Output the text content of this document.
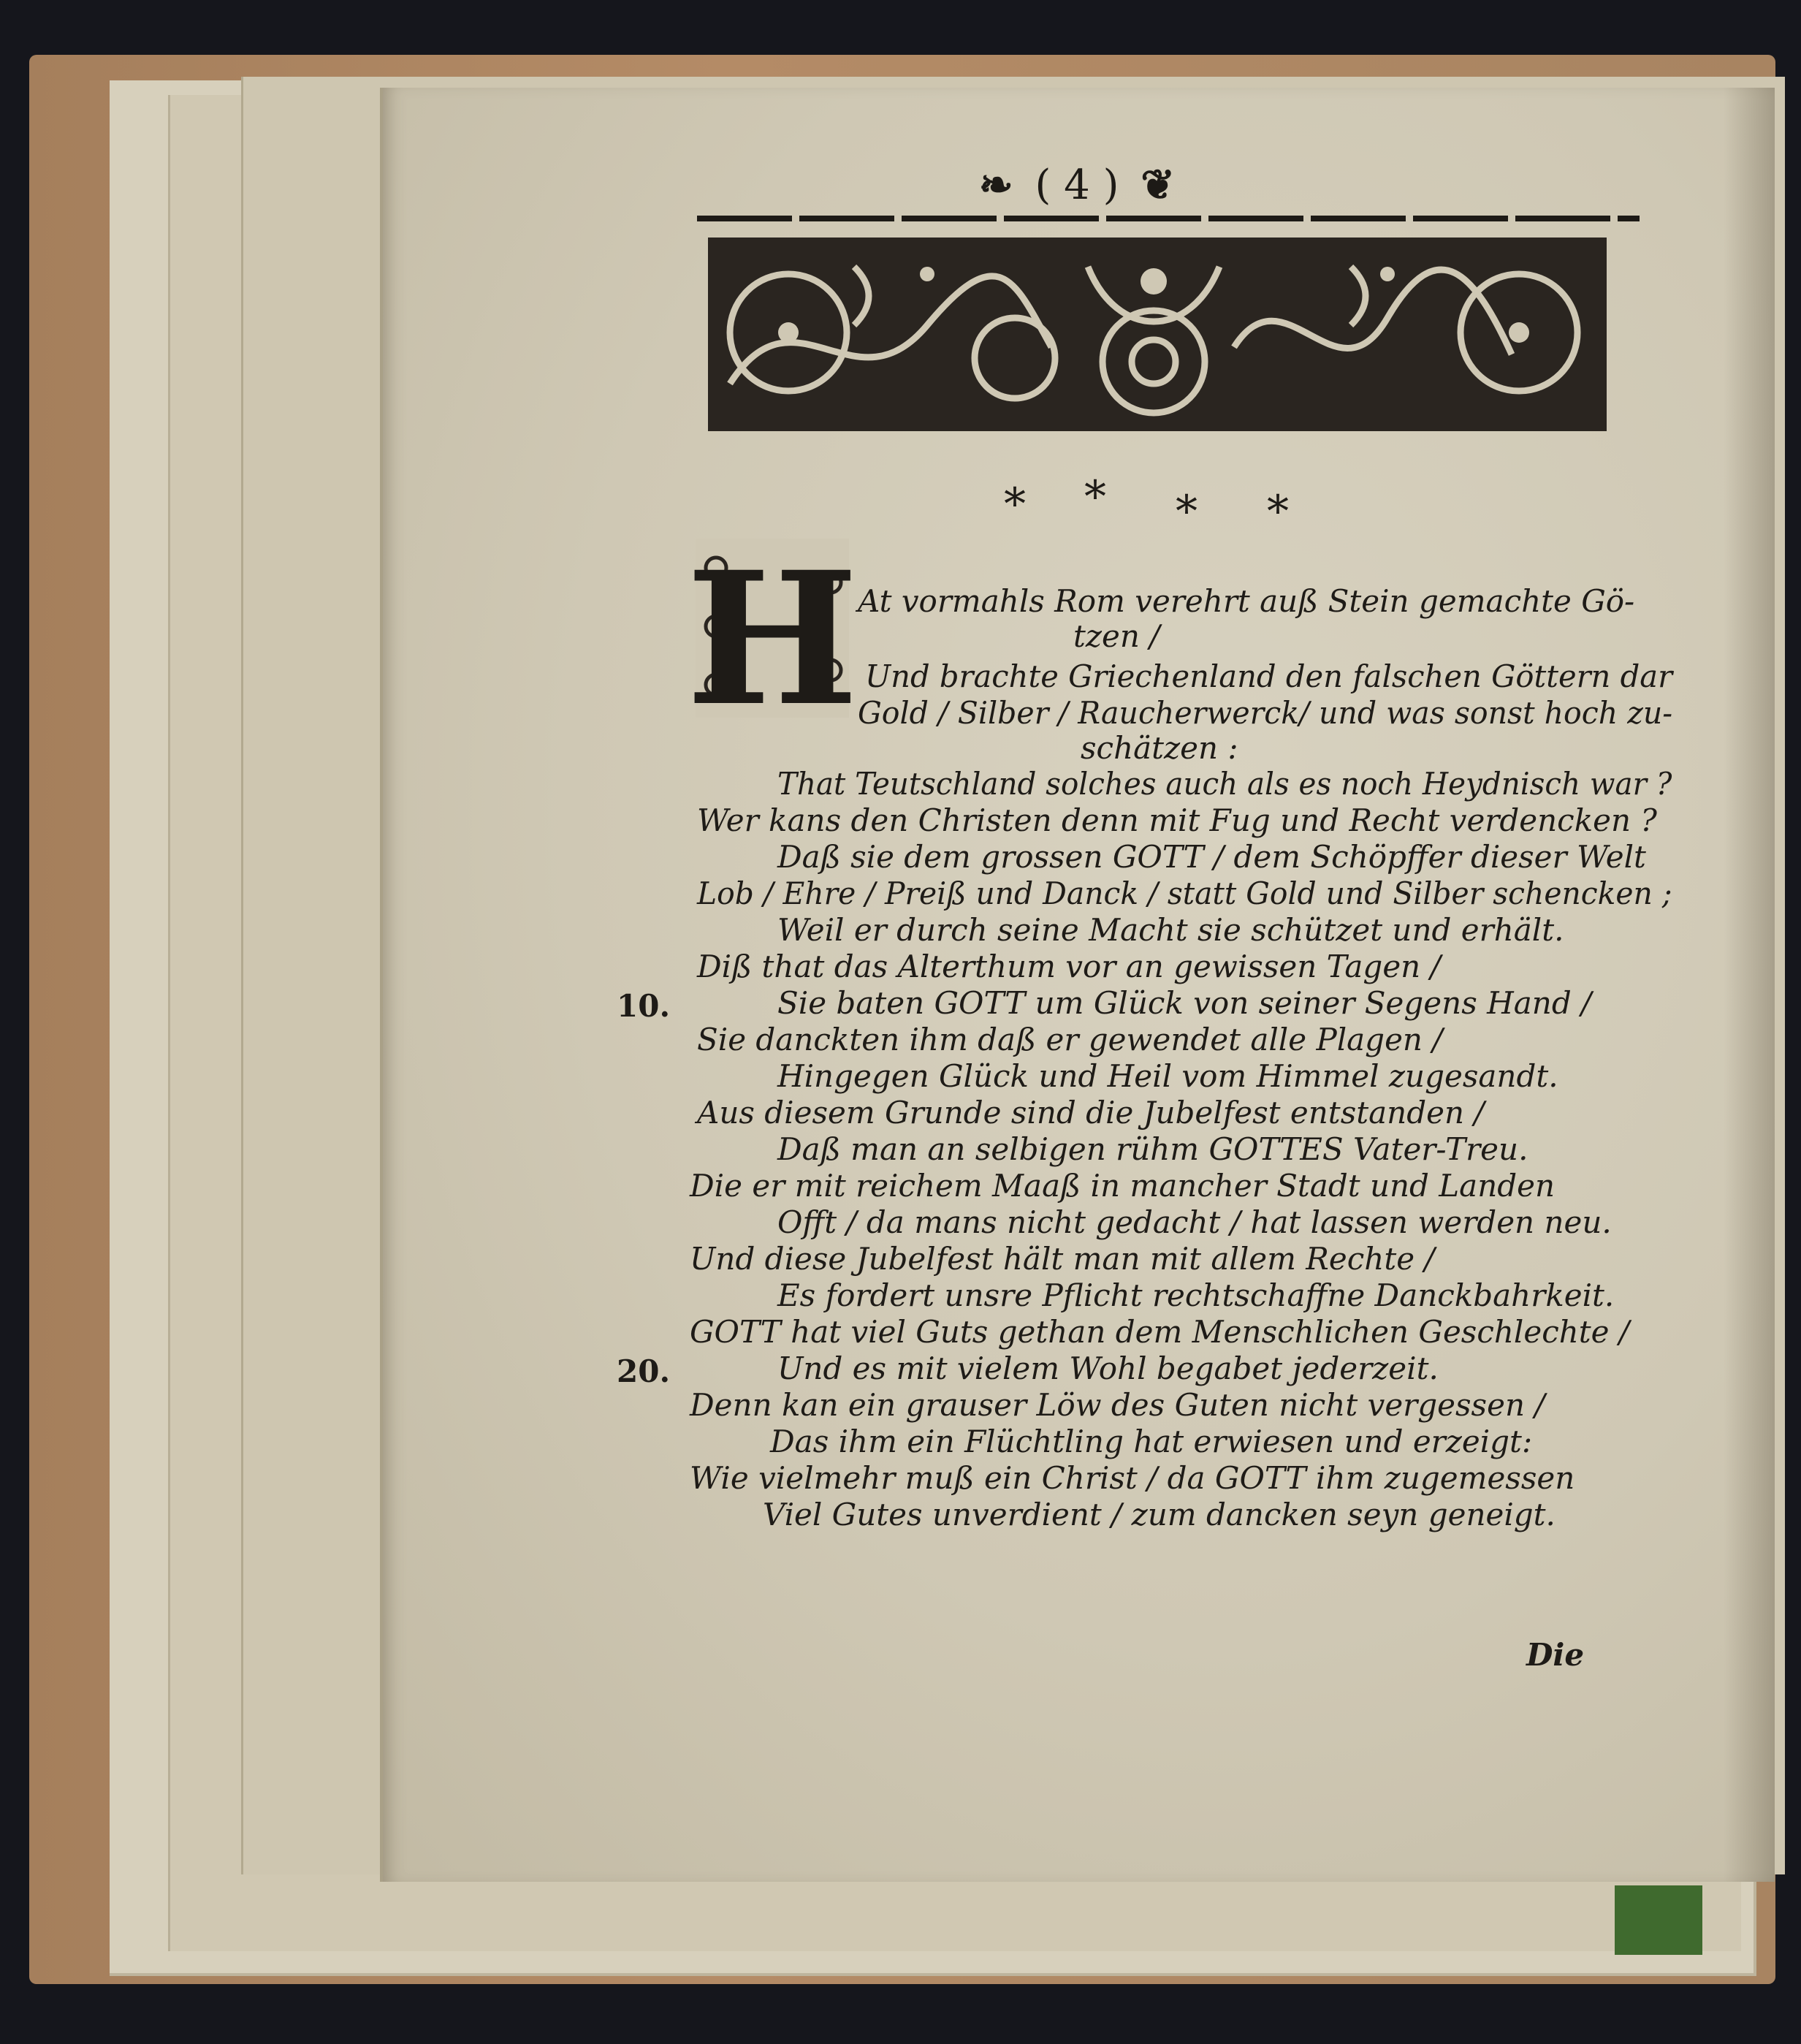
❧ ( 4 ) ❦
* * * *
H
At vormahls Rom verehrt auß Stein gemachte Gö-
tzen /
Und brachte Griechenland den falschen Göttern dar
Gold / Silber / Raucherwerck/ und was sonst hoch zu-
schätzen :
That Teutschland solches auch als es noch Heydnisch war ?
Wer kans den Christen denn mit Fug und Recht verdencken ?
Daß sie dem grossen GOTT / dem Schöpffer dieser Welt
Lob / Ehre / Preiß und Danck / statt Gold und Silber schencken ;
Weil er durch seine Macht sie schützet und erhält.
Diß that das Alterthum vor an gewissen Tagen /
10.	Sie baten GOTT um Glück von seiner Segens Hand /
Sie danckten ihm daß er gewendet alle Plagen /
Hingegen Glück und Heil vom Himmel zugesandt.
Aus diesem Grunde sind die Jubelfest entstanden /
Daß man an selbigen rühm GOTTES Vater-Treu.
Die er mit reichem Maaß in mancher Stadt und Landen
Offt / da mans nicht gedacht / hat lassen werden neu.
Und diese Jubelfest hält man mit allem Rechte /
Es fordert unsre Pflicht rechtschaffne Danckbahrkeit.
GOTT hat viel Guts gethan dem Menschlichen Geschlechte /
20.	Und es mit vielem Wohl begabet jederzeit.
Denn kan ein grauser Löw des Guten nicht vergessen /
Das ihm ein Flüchtling hat erwiesen und erzeigt:
Wie vielmehr muß ein Christ / da GOTT ihm zugemessen
Viel Gutes unverdient / zum dancken seyn geneigt.
Die
